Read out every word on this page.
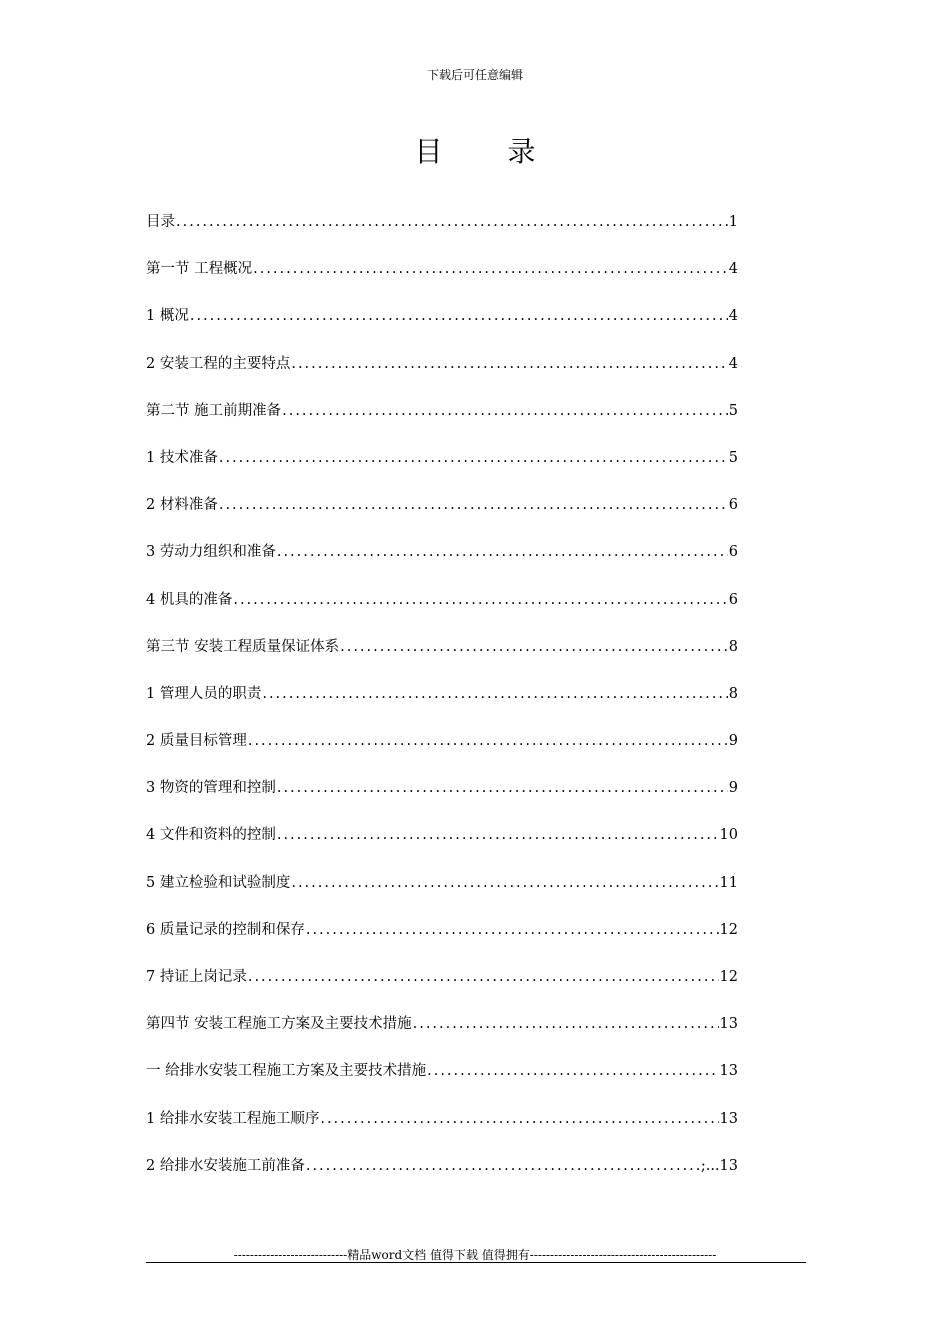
下载后可任意编辑
目 录
目录 .....	1
第一节 工程概况 .....	4
1 概况 .....	4
2 安装工程的主要特点 .....	4
第二节 施工前期准备 .....	5
1 技术准备 .....	5
2 材料准备 .....	6
3 劳动力组织和准备 .....	6
4 机具的准备 .....	6
第三节 安装工程质量保证体系 .....	8
1 管理人员的职责 .....	8
2 质量目标管理 .....	9
3 物资的管理和控制 .....	9
4 文件和资料的控制 .....	10
5 建立检验和试验制度 .....	11
6 质量记录的控制和保存 .....	12
7 持证上岗记录 .....	12
第四节 安装工程施工方案及主要技术措施 .....	13
一 给排水安装工程施工方案及主要技术措施 .....	13
1 给排水安装工程施工顺序 .....	13
2 给排水安装施工前准备 .....	;...13
----------------------------精品word文档 值得下载 值得拥有----------------------------------------------
